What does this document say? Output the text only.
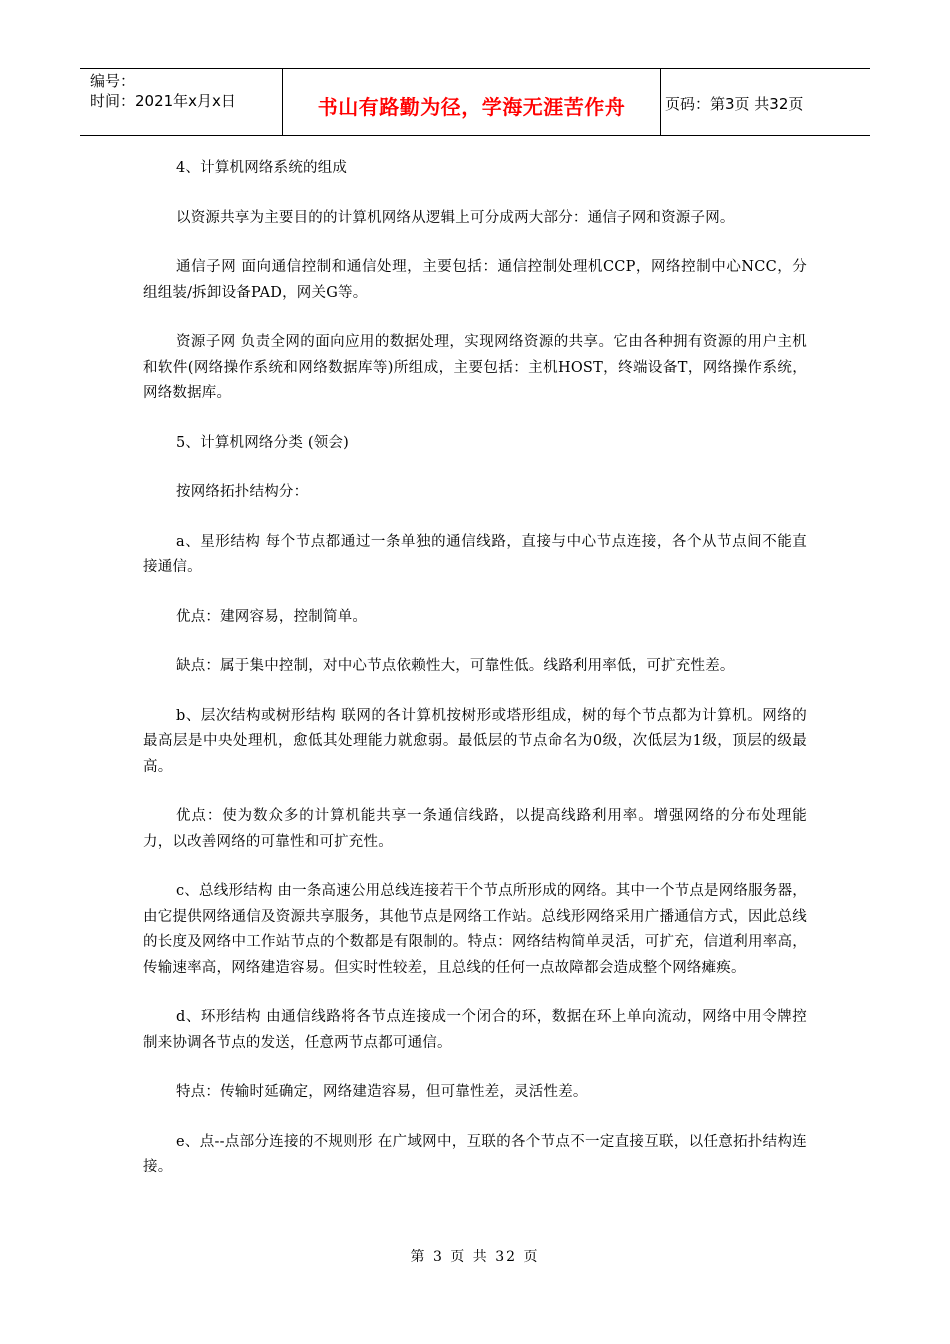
编号：
时间：2021年x月x日	书山有路勤为径，学海无涯苦作舟	页码：第3页 共32页

4、计算机网络系统的组成

以资源共享为主要目的的计算机网络从逻辑上可分成两大部分：通信子网和资源子网。

通信子网 面向通信控制和通信处理，主要包括：通信控制处理机CCP，网络控制中心NCC，分组组装/拆卸设备PAD，网关G等。

资源子网 负责全网的面向应用的数据处理，实现网络资源的共享。它由各种拥有资源的用户主机和软件(网络操作系统和网络数据库等)所组成，主要包括：主机HOST，终端设备T，网络操作系统，网络数据库。

5、计算机网络分类 (领会)

按网络拓扑结构分：

a、星形结构 每个节点都通过一条单独的通信线路，直接与中心节点连接，各个从节点间不能直接通信。

优点：建网容易，控制简单。

缺点：属于集中控制，对中心节点依赖性大，可靠性低。线路利用率低，可扩充性差。

b、层次结构或树形结构 联网的各计算机按树形或塔形组成，树的每个节点都为计算机。网络的最高层是中央处理机，愈低其处理能力就愈弱。最低层的节点命名为0级，次低层为1级，顶层的级最高。

优点：使为数众多的计算机能共享一条通信线路，以提高线路利用率。增强网络的分布处理能力，以改善网络的可靠性和可扩充性。

c、总线形结构 由一条高速公用总线连接若干个节点所形成的网络。其中一个节点是网络服务器，由它提供网络通信及资源共享服务，其他节点是网络工作站。总线形网络采用广播通信方式，因此总线的长度及网络中工作站节点的个数都是有限制的。特点：网络结构简单灵活，可扩充，信道利用率高，传输速率高，网络建造容易。但实时性较差，且总线的任何一点故障都会造成整个网络瘫痪。

d、环形结构 由通信线路将各节点连接成一个闭合的环，数据在环上单向流动，网络中用令牌控制来协调各节点的发送，任意两节点都可通信。

特点：传输时延确定，网络建造容易，但可靠性差，灵活性差。

e、点--点部分连接的不规则形 在广域网中，互联的各个节点不一定直接互联，以任意拓扑结构连接。

第 3 页 共 32 页
